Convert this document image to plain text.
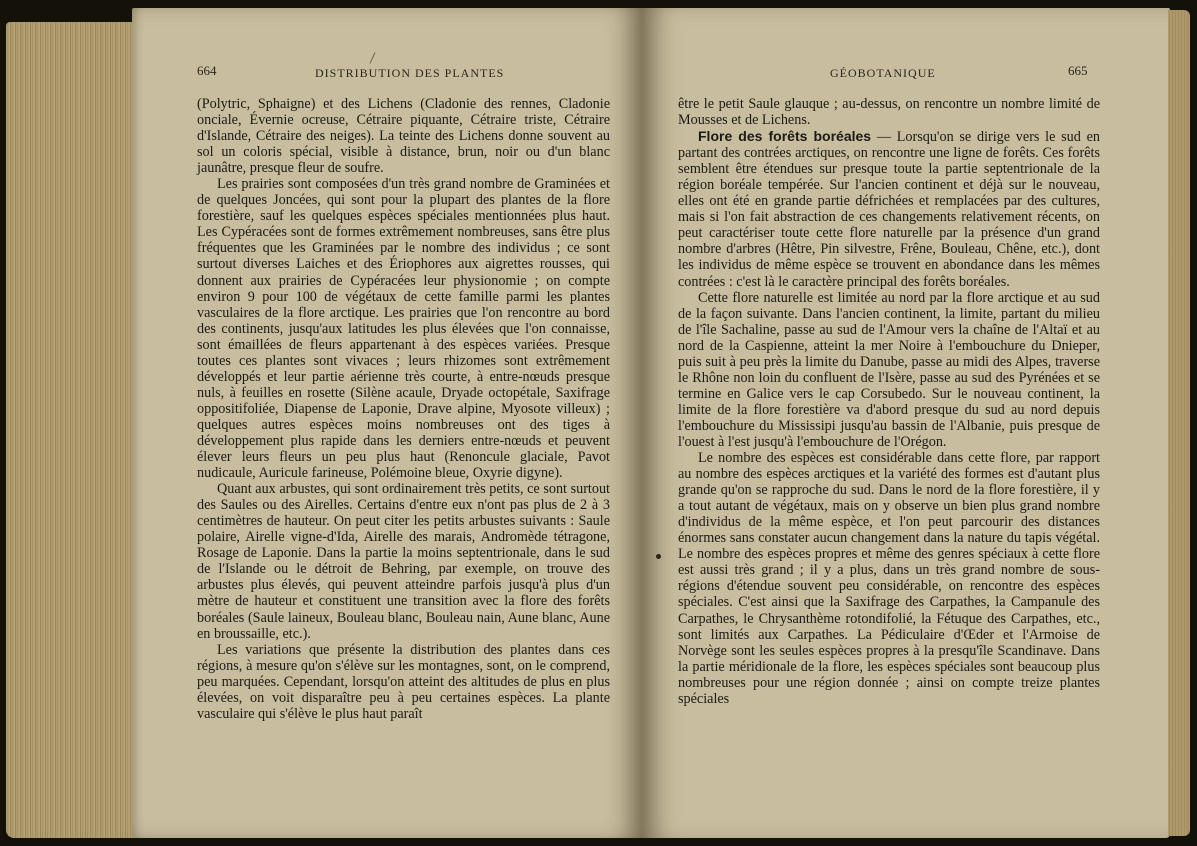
664	DISTRIBUTION DES PLANTES

(Polytric, Sphaigne) et des Lichens (Cladonie des rennes, Cladonie onciale, Évernie ocreuse, Cétraire piquante, Cétraire triste, Cétraire d'Islande, Cétraire des neiges). La teinte des Lichens donne souvent au sol un coloris spécial, visible à distance, brun, noir ou d'un blanc jaunâtre, presque fleur de soufre.

Les prairies sont composées d'un très grand nombre de Graminées et de quelques Joncées, qui sont pour la plupart des plantes de la flore forestière, sauf les quelques espèces spéciales mentionnées plus haut. Les Cypéracées sont de formes extrêmement nombreuses, sans être plus fréquentes que les Graminées par le nombre des individus ; ce sont surtout diverses Laiches et des Ériophores aux aigrettes rousses, qui donnent aux prairies de Cypéracées leur physionomie ; on compte environ 9 pour 100 de végétaux de cette famille parmi les plantes vasculaires de la flore arctique. Les prairies que l'on rencontre au bord des continents, jusqu'aux latitudes les plus élevées que l'on connaisse, sont émaillées de fleurs appartenant à des espèces variées. Presque toutes ces plantes sont vivaces ; leurs rhizomes sont extrêmement développés et leur partie aérienne très courte, à entre-nœuds presque nuls, à feuilles en rosette (Silène acaule, Dryade octopétale, Saxifrage oppositifoliée, Diapense de Laponie, Drave alpine, Myosote villeux) ; quelques autres espèces moins nombreuses ont des tiges à développement plus rapide dans les derniers entre-nœuds et peuvent élever leurs fleurs un peu plus haut (Renoncule glaciale, Pavot nudicaule, Auricule farineuse, Polémoine bleue, Oxyrie digyne).

Quant aux arbustes, qui sont ordinairement très petits, ce sont surtout des Saules ou des Airelles. Certains d'entre eux n'ont pas plus de 2 à 3 centimètres de hauteur. On peut citer les petits arbustes suivants : Saule polaire, Airelle vigne-d'Ida, Airelle des marais, Andromède tétragone, Rosage de Laponie. Dans la partie la moins septentrionale, dans le sud de l'Islande ou le détroit de Behring, par exemple, on trouve des arbustes plus élevés, qui peuvent atteindre parfois jusqu'à plus d'un mètre de hauteur et constituent une transition avec la flore des forêts boréales (Saule laineux, Bouleau blanc, Bouleau nain, Aune blanc, Aune en broussaille, etc.).

Les variations que présente la distribution des plantes dans ces régions, à mesure qu'on s'élève sur les montagnes, sont, on le comprend, peu marquées. Cependant, lorsqu'on atteint des altitudes de plus en plus élevées, on voit disparaître peu à peu certaines espèces. La plante vasculaire qui s'élève le plus haut paraît

GÉOBOTANIQUE	665

être le petit Saule glauque ; au-dessus, on rencontre un nombre limité de Mousses et de Lichens.

Flore des forêts boréales — Lorsqu'on se dirige vers le sud en partant des contrées arctiques, on rencontre une ligne de forêts. Ces forêts semblent être étendues sur presque toute la partie septentrionale de la région boréale tempérée. Sur l'ancien continent et déjà sur le nouveau, elles ont été en grande partie défrichées et remplacées par des cultures, mais si l'on fait abstraction de ces changements relativement récents, on peut caractériser toute cette flore naturelle par la présence d'un grand nombre d'arbres (Hêtre, Pin silvestre, Frêne, Bouleau, Chêne, etc.), dont les individus de même espèce se trouvent en abondance dans les mêmes contrées : c'est là le caractère principal des forêts boréales.

Cette flore naturelle est limitée au nord par la flore arctique et au sud de la façon suivante. Dans l'ancien continent, la limite, partant du milieu de l'île Sachaline, passe au sud de l'Amour vers la chaîne de l'Altaï et au nord de la Caspienne, atteint la mer Noire à l'embouchure du Dnieper, puis suit à peu près la limite du Danube, passe au midi des Alpes, traverse le Rhône non loin du confluent de l'Isère, passe au sud des Pyrénées et se termine en Galice vers le cap Corsubedo. Sur le nouveau continent, la limite de la flore forestière va d'abord presque du sud au nord depuis l'embouchure du Mississipi jusqu'au bassin de l'Albanie, puis presque de l'ouest à l'est jusqu'à l'embouchure de l'Orégon.

Le nombre des espèces est considérable dans cette flore, par rapport au nombre des espèces arctiques et la variété des formes est d'autant plus grande qu'on se rapproche du sud. Dans le nord de la flore forestière, il y a tout autant de végétaux, mais on y observe un bien plus grand nombre d'individus de la même espèce, et l'on peut parcourir des distances énormes sans constater aucun changement dans la nature du tapis végétal. Le nombre des espèces propres et même des genres spéciaux à cette flore est aussi très grand ; il y a plus, dans un très grand nombre de sous-régions d'étendue souvent peu considérable, on rencontre des espèces spéciales. C'est ainsi que la Saxifrage des Carpathes, la Campanule des Carpathes, le Chrysanthème rotondifolié, la Fétuque des Carpathes, etc., sont limités aux Carpathes. La Pédiculaire d'Œder et l'Armoise de Norvège sont les seules espèces propres à la presqu'île Scandinave. Dans la partie méridionale de la flore, les espèces spéciales sont beaucoup plus nombreuses pour une région donnée ; ainsi on compte treize plantes spéciales
